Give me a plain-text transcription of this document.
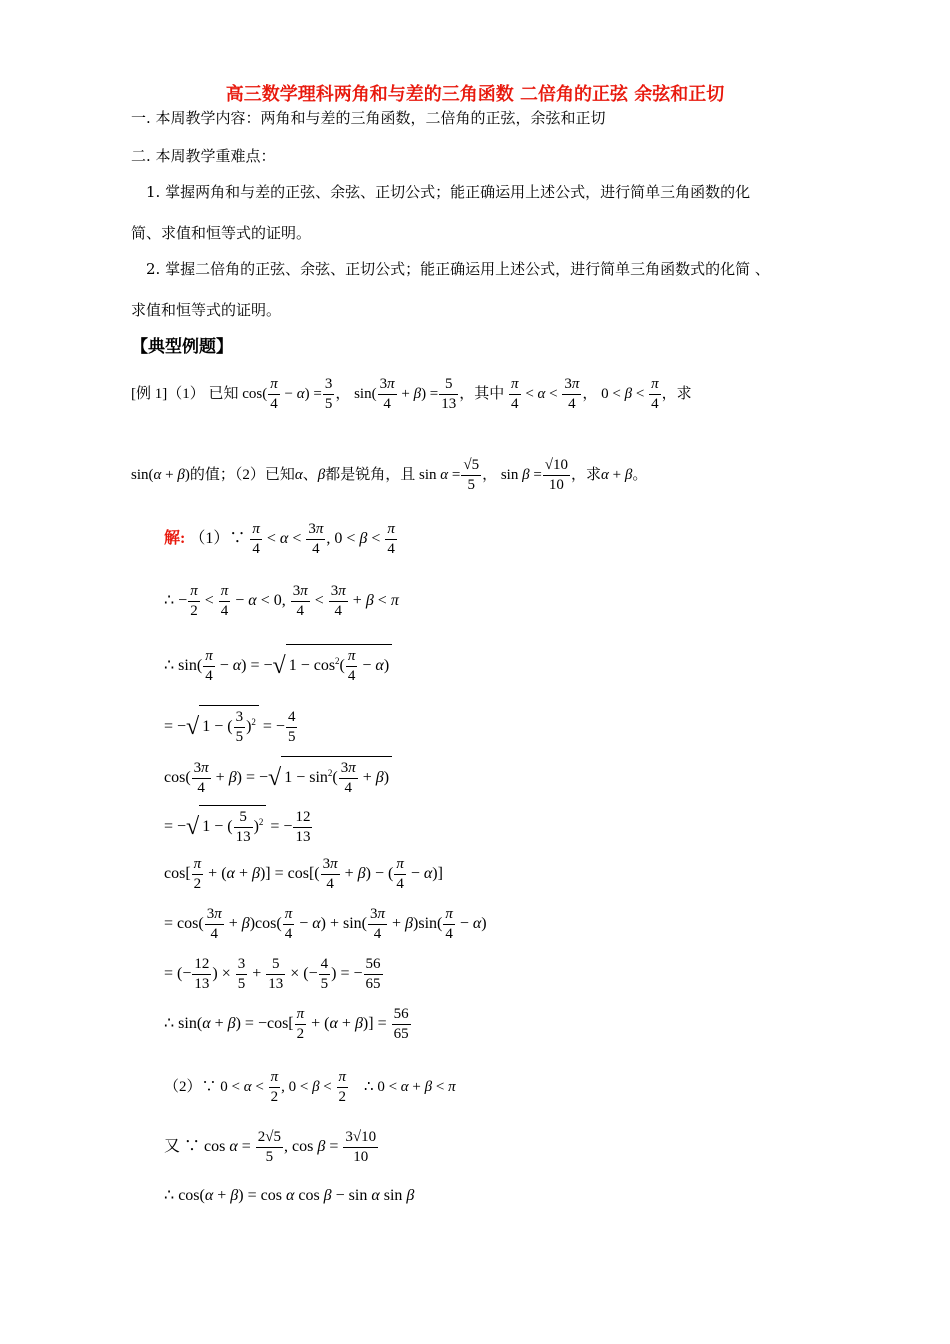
高三数学理科两角和与差的三角函数 二倍角的正弦 余弦和正切
一. 本周教学内容：两角和与差的三角函数，二倍角的正弦，余弦和正切
二. 本周教学重难点：
1. 掌握两角和与差的正弦、余弦、正切公式；能正确运用上述公式，进行简单三角函数的化
简、求值和恒等式的证明。
2. 掌握二倍角的正弦、余弦、正切公式；能正确运用上述公式，进行简单三角函数式的化简 、
求值和恒等式的证明。
【典型例题】
[例 1]（1） 已知 $\cos( \frac{\pi}{4} - \alpha) = \frac{3}{5}$ ， $\sin( \frac{3\pi}{4} + \beta) = \frac{5}{13}$ ，其中 $\frac{\pi}{4} < \alpha < \frac{3\pi}{4}$ ， $0 < \beta < \frac{\pi}{4}$ ，求
sin(α + β)的值；（2）已知α、β都是锐角，且 $\sin \alpha = \frac{√5}{5}$ ， $\sin \beta = \frac{√10}{10}$ ，求α + β。
解: （1）∵ $\frac{\pi}{4} < \alpha < \frac{3\pi}{4}$ , $0 < \beta < \frac{\pi}{4}$
∴ − $\frac{\pi}{2} < \frac{\pi}{4} - \alpha < 0$, $\frac{3\pi}{4} < \frac{3\pi}{4} + \beta < \pi$
∴ $\sin( \frac{\pi}{4} - \alpha)$ = −√ $1 - \cos^2( \frac{\pi}{4} - \alpha)$
= −√ 1 − ( $\frac{3}{5} )^2$ = − $\frac{4}{5}$
$\cos( \frac{3\pi}{4} + \beta)$ = −√ $1 - \sin^2( \frac{3\pi}{4} + \beta)$
= −√ 1 − ( $\frac{5}{13} )^2$ = − $\frac{12}{13}$
$\cos[ \frac{\pi}{2} + (\alpha + \beta)] = \cos[( \frac{3\pi}{4} + \beta)$ − ( $\frac{\pi}{4} - \alpha$)]
= $\cos( \frac{3\pi}{4} + \beta)\cos( \frac{\pi}{4} - \alpha) + \sin( \frac{3\pi}{4} + \beta)\sin( \frac{\pi}{4} - \alpha)$
= (− $\frac{12}{13}$ ) × $\frac{3}{5} + \frac{5}{13}$ × (− $\frac{4}{5}$ ) = − $\frac{56}{65}$
∴ $\sin(\alpha + \beta) = -\cos[ \frac{\pi}{2} + (\alpha + \beta)] = \frac{56}{65}$
（2）∵ $0 < \alpha < \frac{\pi}{2}$ , $0 < \beta < \frac{\pi}{2}$ ∴ 0 < α + β < π
又 ∵ $\cos \alpha = \frac{2√5}{5}$ , $\cos \beta = \frac{3√10}{10}$
∴ cos(α + β) = cos α cos β − sin α sin β
